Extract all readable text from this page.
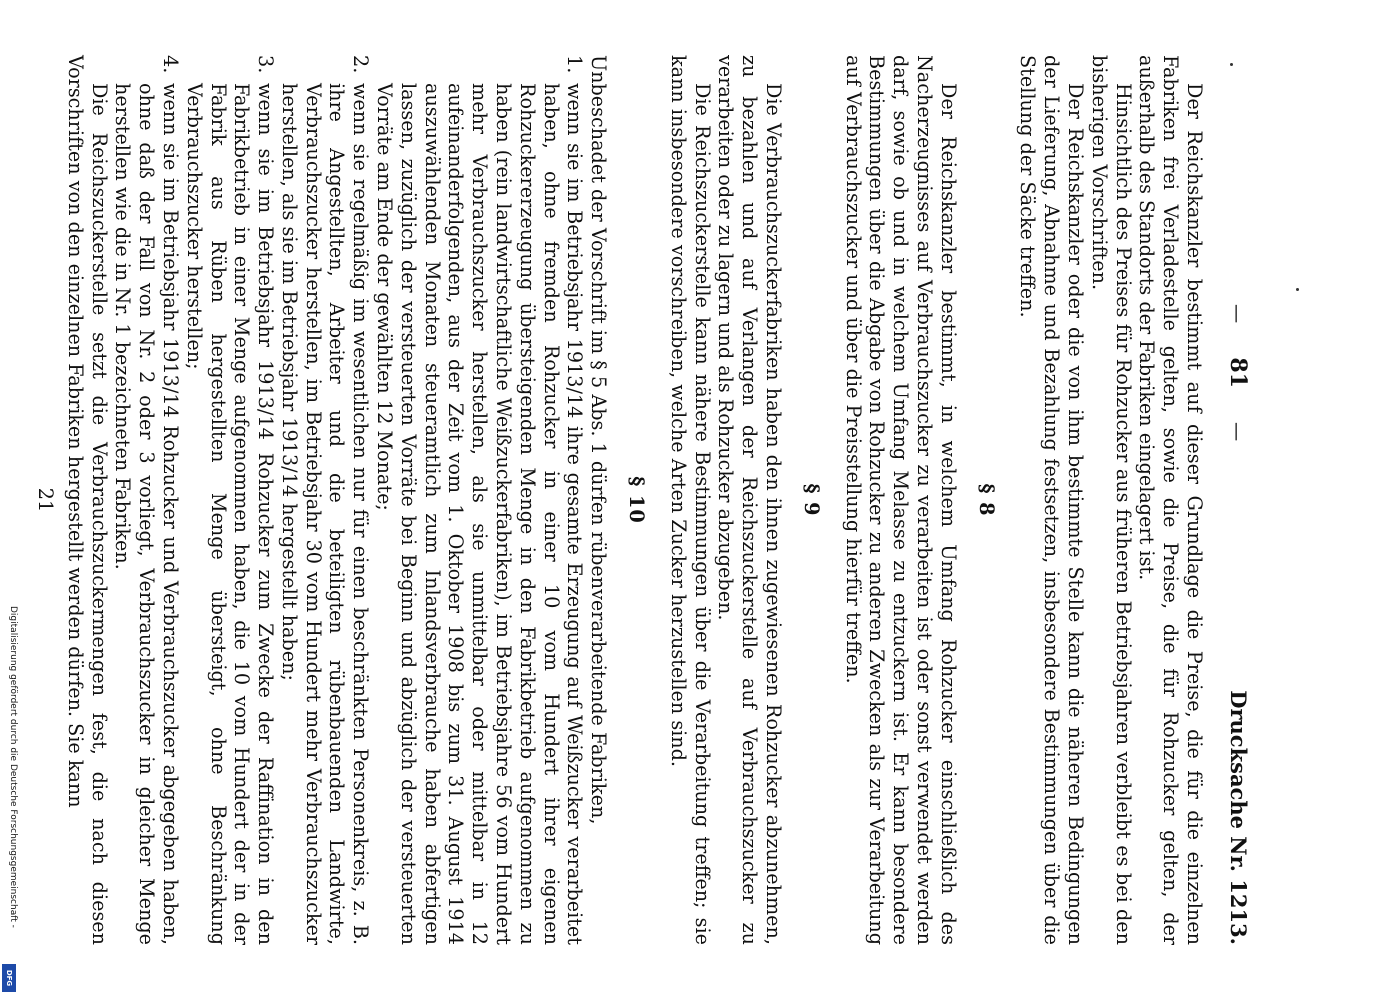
— 81 —
Drucksache Nr. 1213.

Der Reichskanzler bestimmt auf dieser Grundlage die Preise, die für die einzelnen Fabriken frei Verladestelle gelten, sowie die Preise, die für Rohzucker gelten, der außerhalb des Standorts der Fabriken eingelagert ist.

Hinsichtlich des Preises für Rohzucker aus früheren Betriebsjahren verbleibt es bei den bisherigen Vorschriften.

Der Reichskanzler oder die von ihm bestimmte Stelle kann die näheren Bedingungen der Lieferung, Abnahme und Bezahlung festsetzen, insbesondere Bestimmungen über die Stellung der Säcke treffen.

§ 8

Der Reichskanzler bestimmt, in welchem Umfang Rohzucker einschließlich des Nacherzeugnisses auf Verbrauchszucker zu verarbeiten ist oder sonst verwendet werden darf, sowie ob und in welchem Umfang Melasse zu entzuckern ist. Er kann besondere Bestimmungen über die Abgabe von Rohzucker zu anderen Zwecken als zur Verarbeitung auf Verbrauchszucker und über die Preisstellung hierfür treffen.

§ 9

Die Verbrauchszuckerfabriken haben den ihnen zugewiesenen Rohzucker abzunehmen, zu bezahlen und auf Verlangen der Reichszuckerstelle auf Verbrauchszucker zu verarbeiten oder zu lagern und als Rohzucker abzugeben.

Die Reichszuckerstelle kann nähere Bestimmungen über die Verarbeitung treffen; sie kann insbesondere vorschreiben, welche Arten Zucker herzustellen sind.

§ 10

Unbeschadet der Vorschrift im § 5 Abs. 1 dürfen rübenverarbeitende Fabriken,

1.
wenn sie im Betriebsjahr 1913/14 ihre gesamte Erzeugung auf Weißzucker verarbeitet haben, ohne fremden Rohzucker in einer 10 vom Hundert ihrer eigenen Rohzuckererzeugung übersteigenden Menge in den Fabrikbetrieb aufgenommen zu haben (rein landwirtschaftliche Weißzuckerfabriken), im Betriebsjahre 56 vom Hundert mehr Verbrauchszucker herstellen, als sie unmittelbar oder mittelbar in 12 aufeinanderfolgenden, aus der Zeit vom 1. Oktober 1908 bis zum 31. August 1914 auszuwählenden Monaten steueramtlich zum Inlandsverbrauche haben abfertigen lassen, zuzüglich der versteuerten Vorräte bei Beginn und abzüglich der versteuerten Vorräte am Ende der gewählten 12 Monate;
2.
wenn sie regelmäßig im wesentlichen nur für einen beschränkten Personenkreis, z. B. ihre Angestellten, Arbeiter und die beteiligten rübenbauenden Landwirte, Verbrauchszucker herstellen, im Betriebsjahr 30 vom Hundert mehr Verbrauchszucker herstellen, als sie im Betriebsjahr 1913/14 hergestellt haben;
3.
wenn sie im Betriebsjahr 1913/14 Rohzucker zum Zwecke der Raffination in den Fabrikbetrieb in einer Menge aufgenommen haben, die 10 vom Hundert der in der Fabrik aus Rüben hergestellten Menge übersteigt, ohne Beschränkung Verbrauchszucker herstellen;
4.
wenn sie im Betriebsjahr 1913/14 Rohzucker und Verbrauchszucker abgegeben haben, ohne daß der Fall von Nr. 2 oder 3 vorliegt, Verbrauchszucker in gleicher Menge herstellen wie die in Nr. 1 bezeichneten Fabriken.

Die Reichszuckerstelle setzt die Verbrauchszuckermengen fest, die nach diesen Vorschriften von den einzelnen Fabriken hergestellt werden dürfen. Sie kann

21
Digitalisierung gefördert durch die Deutsche Forschungsgemeinschaft -
DFG
